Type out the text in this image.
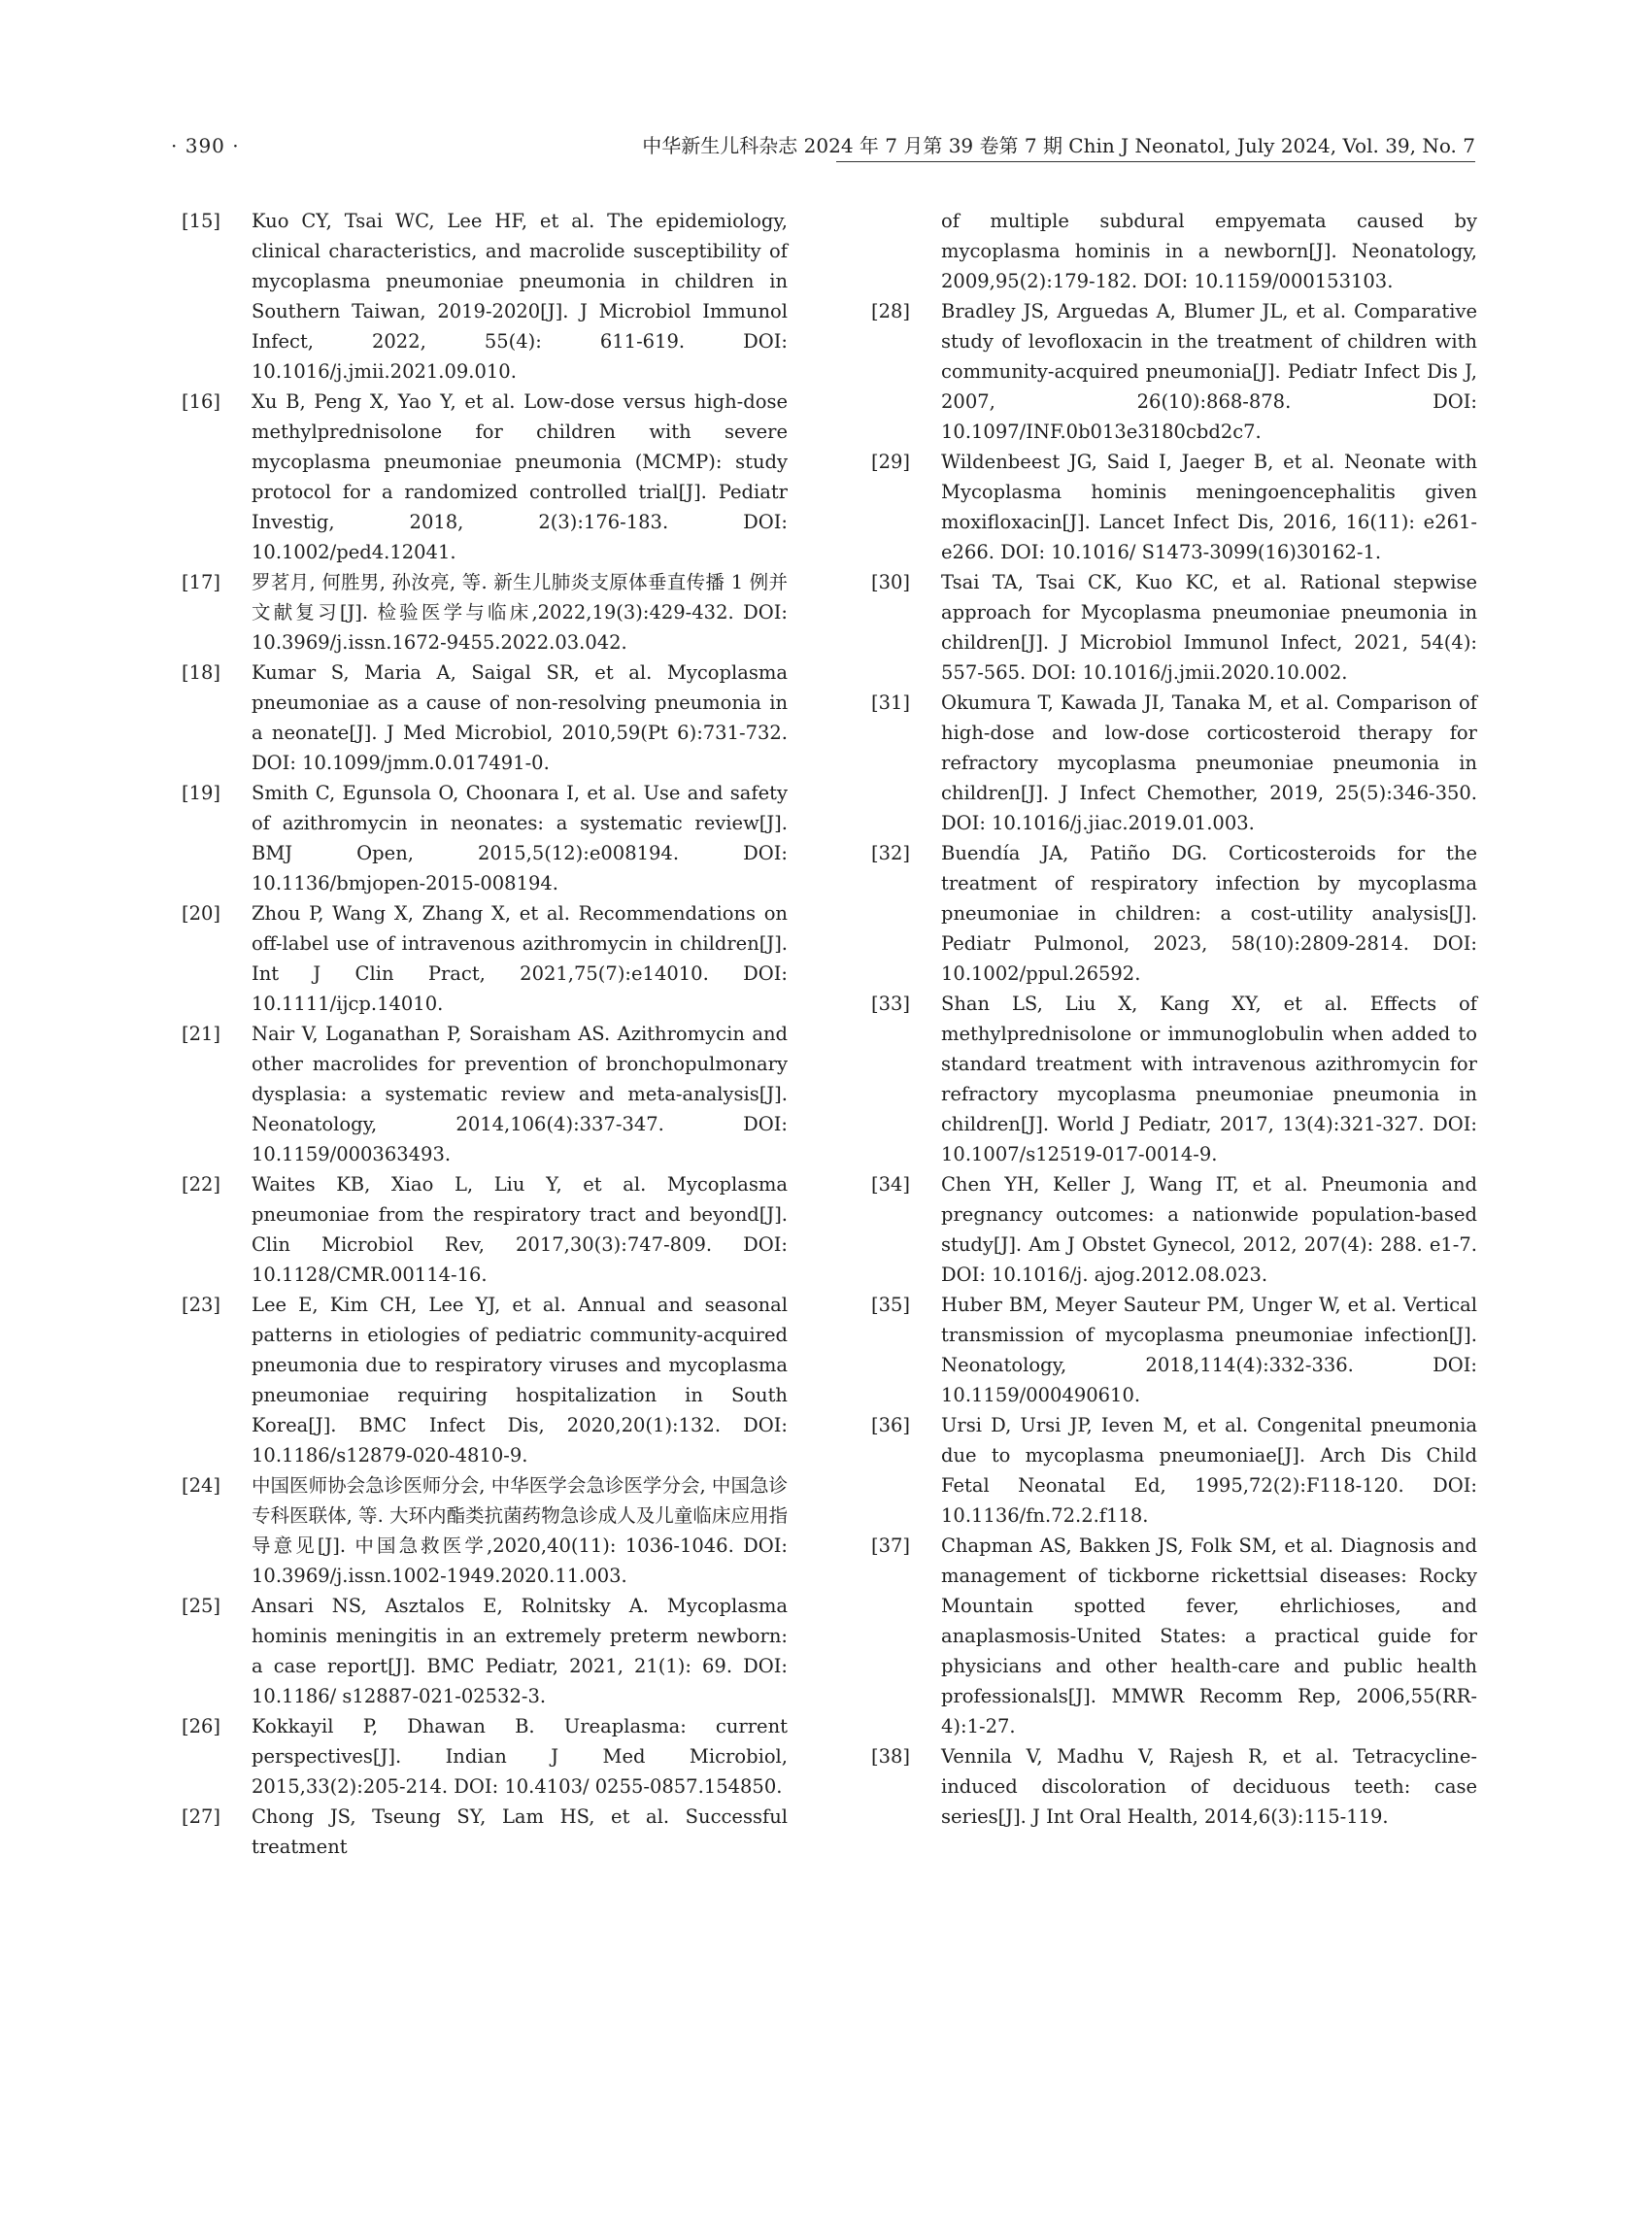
· 390 ·	中华新生儿科杂志 2024 年 7 月第 39 卷第 7 期 Chin J Neonatol, July 2024, Vol. 39, No. 7
[15]	Kuo CY, Tsai WC, Lee HF, et al. The epidemiology, clinical characteristics, and macrolide susceptibility of mycoplasma pneumoniae pneumonia in children in Southern Taiwan, 2019-2020[J]. J Microbiol Immunol Infect, 2022, 55(4): 611-619. DOI: 10.1016/j.jmii.2021.09.010.
[16]	Xu B, Peng X, Yao Y, et al. Low-dose versus high-dose methylprednisolone for children with severe mycoplasma pneumoniae pneumonia (MCMP): study protocol for a randomized controlled trial[J]. Pediatr Investig, 2018, 2(3):176-183. DOI: 10.1002/ped4.12041.
[17]	罗茗月, 何胜男, 孙汝亮, 等. 新生儿肺炎支原体垂直传播 1 例并文献复习[J]. 检验医学与临床,2022,19(3):429-432. DOI: 10.3969/j.issn.1672-9455.2022.03.042.
[18]	Kumar S, Maria A, Saigal SR, et al. Mycoplasma pneumoniae as a cause of non-resolving pneumonia in a neonate[J]. J Med Microbiol, 2010,59(Pt 6):731-732. DOI: 10.1099/jmm.0.017491-0.
[19]	Smith C, Egunsola O, Choonara I, et al. Use and safety of azithromycin in neonates: a systematic review[J]. BMJ Open, 2015,5(12):e008194. DOI: 10.1136/bmjopen-2015-008194.
[20]	Zhou P, Wang X, Zhang X, et al. Recommendations on off-label use of intravenous azithromycin in children[J]. Int J Clin Pract, 2021,75(7):e14010. DOI: 10.1111/ijcp.14010.
[21]	Nair V, Loganathan P, Soraisham AS. Azithromycin and other macrolides for prevention of bronchopulmonary dysplasia: a systematic review and meta-analysis[J]. Neonatology, 2014,106(4):337-347. DOI: 10.1159/000363493.
[22]	Waites KB, Xiao L, Liu Y, et al. Mycoplasma pneumoniae from the respiratory tract and beyond[J]. Clin Microbiol Rev, 2017,30(3):747-809. DOI: 10.1128/CMR.00114-16.
[23]	Lee E, Kim CH, Lee YJ, et al. Annual and seasonal patterns in etiologies of pediatric community-acquired pneumonia due to respiratory viruses and mycoplasma pneumoniae requiring hospitalization in South Korea[J]. BMC Infect Dis, 2020,20(1):132. DOI: 10.1186/s12879-020-4810-9.
[24]	中国医师协会急诊医师分会, 中华医学会急诊医学分会, 中国急诊专科医联体, 等. 大环内酯类抗菌药物急诊成人及儿童临床应用指导意见[J]. 中国急救医学,2020,40(11): 1036-1046. DOI: 10.3969/j.issn.1002-1949.2020.11.003.
[25]	Ansari NS, Asztalos E, Rolnitsky A. Mycoplasma hominis meningitis in an extremely preterm newborn: a case report[J]. BMC Pediatr, 2021, 21(1): 69. DOI: 10.1186/ s12887-021-02532-3.
[26]	Kokkayil P, Dhawan B. Ureaplasma: current perspectives[J]. Indian J Med Microbiol, 2015,33(2):205-214. DOI: 10.4103/ 0255-0857.154850.
[27]	Chong JS, Tseung SY, Lam HS, et al. Successful treatment
of multiple subdural empyemata caused by mycoplasma hominis in a newborn[J]. Neonatology, 2009,95(2):179-182. DOI: 10.1159/000153103.
[28]	Bradley JS, Arguedas A, Blumer JL, et al. Comparative study of levofloxacin in the treatment of children with community-acquired pneumonia[J]. Pediatr Infect Dis J, 2007, 26(10):868-878. DOI: 10.1097/INF.0b013e3180cbd2c7.
[29]	Wildenbeest JG, Said I, Jaeger B, et al. Neonate with Mycoplasma hominis meningoencephalitis given moxifloxacin[J]. Lancet Infect Dis, 2016, 16(11): e261-e266. DOI: 10.1016/ S1473-3099(16)30162-1.
[30]	Tsai TA, Tsai CK, Kuo KC, et al. Rational stepwise approach for Mycoplasma pneumoniae pneumonia in children[J]. J Microbiol Immunol Infect, 2021, 54(4): 557-565. DOI: 10.1016/j.jmii.2020.10.002.
[31]	Okumura T, Kawada JI, Tanaka M, et al. Comparison of high-dose and low-dose corticosteroid therapy for refractory mycoplasma pneumoniae pneumonia in children[J]. J Infect Chemother, 2019, 25(5):346-350. DOI: 10.1016/j.jiac.2019.01.003.
[32]	Buendía JA, Patiño DG. Corticosteroids for the treatment of respiratory infection by mycoplasma pneumoniae in children: a cost-utility analysis[J]. Pediatr Pulmonol, 2023, 58(10):2809-2814. DOI: 10.1002/ppul.26592.
[33]	Shan LS, Liu X, Kang XY, et al. Effects of methylprednisolone or immunoglobulin when added to standard treatment with intravenous azithromycin for refractory mycoplasma pneumoniae pneumonia in children[J]. World J Pediatr, 2017, 13(4):321-327. DOI: 10.1007/s12519-017-0014-9.
[34]	Chen YH, Keller J, Wang IT, et al. Pneumonia and pregnancy outcomes: a nationwide population-based study[J]. Am J Obstet Gynecol, 2012, 207(4): 288. e1-7. DOI: 10.1016/j. ajog.2012.08.023.
[35]	Huber BM, Meyer Sauteur PM, Unger W, et al. Vertical transmission of mycoplasma pneumoniae infection[J]. Neonatology, 2018,114(4):332-336. DOI: 10.1159/000490610.
[36]	Ursi D, Ursi JP, Ieven M, et al. Congenital pneumonia due to mycoplasma pneumoniae[J]. Arch Dis Child Fetal Neonatal Ed, 1995,72(2):F118-120. DOI: 10.1136/fn.72.2.f118.
[37]	Chapman AS, Bakken JS, Folk SM, et al. Diagnosis and management of tickborne rickettsial diseases: Rocky Mountain spotted fever, ehrlichioses, and anaplasmosis-United States: a practical guide for physicians and other health-care and public health professionals[J]. MMWR Recomm Rep, 2006,55(RR-4):1-27.
[38]	Vennila V, Madhu V, Rajesh R, et al. Tetracycline-induced discoloration of deciduous teeth: case series[J]. J Int Oral Health, 2014,6(3):115-119.
